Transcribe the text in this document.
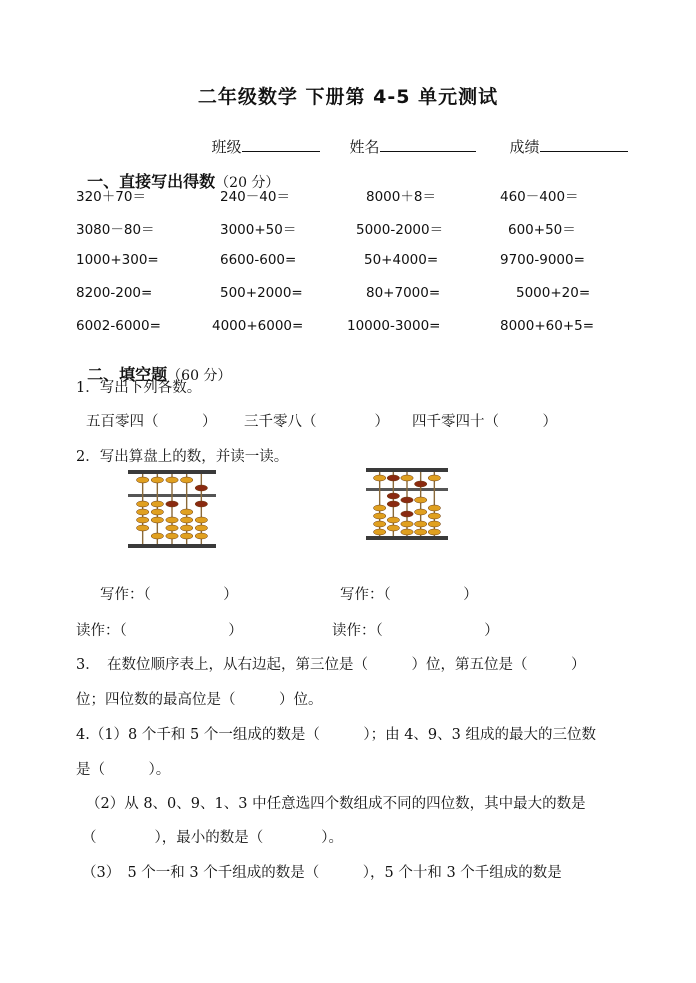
二年级数学 下册第 4-5 单元测试

班级	姓名	成绩

一、直接写出得数（20 分）

320＋70＝	240－40＝	8000＋8＝	460－400＝
3080－80＝	3000+50＝	5000-2000＝	600+50＝
1000+300=	6600-600=	50+4000=	9700-9000=
8200-200=	500+2000=	80+7000=	5000+20=
6002-6000=	4000+6000=	10000-3000=	8000+60+5=

二、填空题（60 分）

1．写出下列各数。
五百零四（　　　） 三千零八（　　　　） 四千零四十（　　　）
2．写出算盘上的数，并读一读。
写作：（　　　　　）	写作：（　　　　　）
读作：（　　　　　　　）	读作：（　　　　　　　）
3．　在数位顺序表上，从右边起，第三位是（　　　）位，第五位是（　　　）
位；四位数的最高位是（　　　）位。
4.（1）8 个千和 5 个一组成的数是（　　　）；由 4、9、3 组成的最大的三位数
是（　　　）。
（2）从 8、0、9、1、3 中任意选四个数组成不同的四位数，其中最大的数是
（　　　　），最小的数是（　　　　）。
（3）　5 个一和 3 个千组成的数是（　　　），5 个十和 3 个千组成的数是
